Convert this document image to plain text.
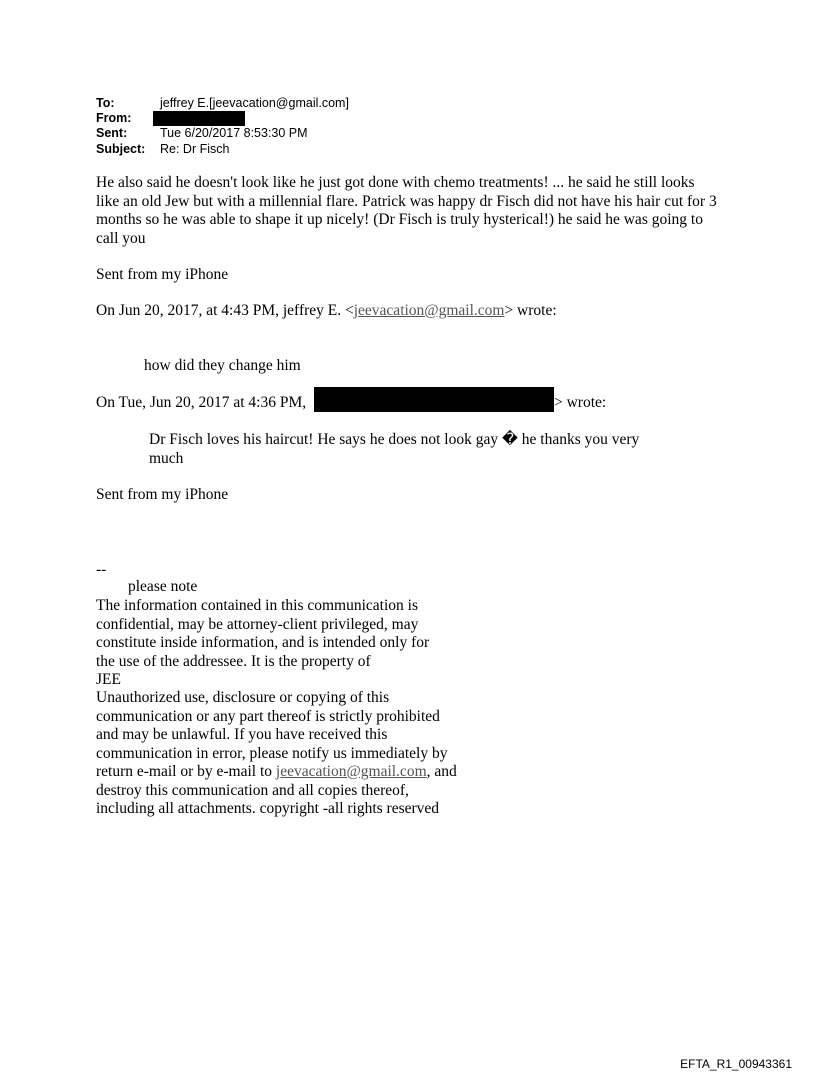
To:	jeffrey E.[jeevacation@gmail.com]
From:
Sent:	Tue 6/20/2017 8:53:30 PM
Subject: Re: Dr Fisch
He also said he doesn't look like he just got done with chemo treatments! ... he said he still looks like an old Jew but with a millennial flare. Patrick was happy dr Fisch did not have his hair cut for 3 months so he was able to shape it up nicely! (Dr Fisch is truly hysterical!) he said he was going to call you
Sent from my iPhone
On Jun 20, 2017, at 4:43 PM, jeffrey E. <jeevacation@gmail.com> wrote:
how did they change him
On Tue, Jun 20, 2017 at 4:36 PM,	> wrote:
Dr Fisch loves his haircut! He says he does not look gay � he thanks you very much
Sent from my iPhone
--
please note
The information contained in this communication is confidential, may be attorney-client privileged, may constitute inside information, and is intended only for the use of the addressee. It is the property of
JEE
Unauthorized use, disclosure or copying of this communication or any part thereof is strictly prohibited and may be unlawful. If you have received this communication in error, please notify us immediately by return e-mail or by e-mail to jeevacation@gmail.com, and destroy this communication and all copies thereof, including all attachments. copyright -all rights reserved
EFTA_R1_00943361
